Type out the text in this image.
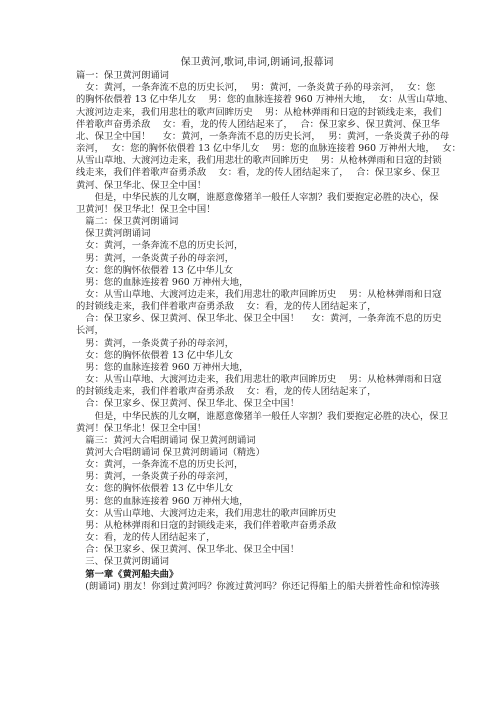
保卫黄河,歌词,串词,朗诵词,报幕词
篇一：保卫黄河朗诵词
女：黄河，一条奔流不息的历史长河，　 男：黄河，一条炎黄子孙的母亲河，　 女：您
的胸怀依偎着 13 亿中华儿女　 男：您的血脉连接着 960 万神州大地，　 女：从雪山草地、
大渡河边走来，我们用悲壮的歌声回眸历史　 男：从枪林弹雨和日寇的封锁线走来，我们
伴着歌声奋勇杀敌　 女：看，龙的传人团结起来了，　 合：保卫家乡、保卫黄河、保卫华
北、保卫全中国！　 女：黄河，一条奔流不息的历史长河，　 男：黄河，一条炎黄子孙的母
亲河，　 女：您的胸怀依偎着 13 亿中华儿女　 男：您的血脉连接着 960 万神州大地，　 女：
从雪山草地、大渡河边走来，我们用悲壮的歌声回眸历史　 男：从枪林弹雨和日寇的封锁
线走来，我们伴着歌声奋勇杀敌　 女：看，龙的传人团结起来了，　 合：保卫家乡、保卫
黄河、保卫华北、保卫全中国！
但是，中华民族的儿女啊，谁愿意像猪羊一般任人宰割？我们要抱定必胜的决心，保
卫黄河！保卫华北！保卫全中国！
篇二：保卫黄河朗诵词
保卫黄河朗诵词
女：黄河，一条奔流不息的历史长河，
男：黄河，一条炎黄子孙的母亲河，
女：您的胸怀依偎着 13 亿中华儿女
男：您的血脉连接着 960 万神州大地，
女：从雪山草地、大渡河边走来，我们用悲壮的歌声回眸历史　 男：从枪林弹雨和日寇
的封锁线走来，我们伴着歌声奋勇杀敌　 女：看，龙的传人团结起来了，
合：保卫家乡、保卫黄河、保卫华北、保卫全中国！　 女：黄河，一条奔流不息的历史
长河，
男：黄河，一条炎黄子孙的母亲河，
女：您的胸怀依偎着 13 亿中华儿女
男：您的血脉连接着 960 万神州大地，
女：从雪山草地、大渡河边走来，我们用悲壮的歌声回眸历史　 男：从枪林弹雨和日寇
的封锁线走来，我们伴着歌声奋勇杀敌　 女：看，龙的传人团结起来了，
合：保卫家乡、保卫黄河、保卫华北、保卫全中国！
但是，中华民族的儿女啊，谁愿意像猪羊一般任人宰割？我们要抱定必胜的决心，保卫
黄河！保卫华北！保卫全中国！
篇三：黄河大合唱朗诵词 保卫黄河朗诵词
黄河大合唱朗诵词 保卫黄河朗诵词（精选）
女：黄河，一条奔流不息的历史长河，
男：黄河，一条炎黄子孙的母亲河，
女：您的胸怀依偎着 13 亿中华儿女
男：您的血脉连接着 960 万神州大地，
女：从雪山草地、大渡河边走来，我们用悲壮的歌声回眸历史
男：从枪林弹雨和日寇的封锁线走来，我们伴着歌声奋勇杀敌
女：看，龙的传人团结起来了，
合：保卫家乡、保卫黄河、保卫华北、保卫全中国！
三、保卫黄河朗诵词
第一章《黄河船夫曲》
(朗诵词) 朋友！你到过黄河吗？你渡过黄河吗？你还记得船上的船夫拼着性命和惊涛骇
